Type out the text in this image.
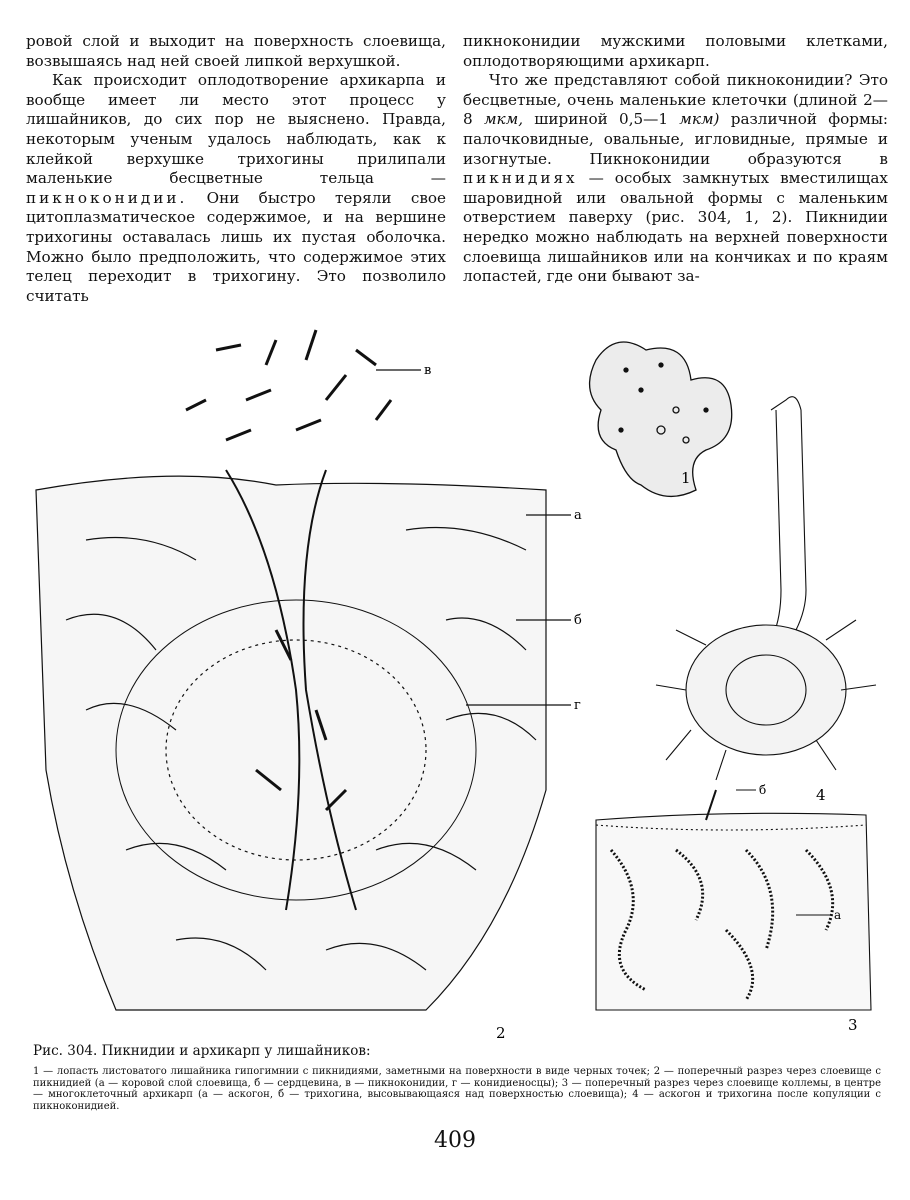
ровой слой и выходит на поверхность слоевища, возвышаясь над ней своей липкой верхушкой.

Как происходит оплодотворение архикарпа и вообще имеет ли место этот процесс у лишайников, до сих пор не выяснено. Правда, некоторым ученым удалось наблюдать, как к клейкой верхушке трихогины прилипали маленькие бесцветные тельца — пикноконидии. Они быстро теряли свое цитоплазматическое содержимое, и на вершине трихогины оставалась лишь их пустая оболочка. Можно было предположить, что содержимое этих телец переходит в трихогину. Это позволило считать

пикноконидии мужскими половыми клетками, оплодотворяющими архикарп.

Что же представляют собой пикноконидии? Это бесцветные, очень маленькие клеточки (длиной 2—8 мкм, шириной 0,5—1 мкм) различной формы: палочковидные, овальные, игловидные, прямые и изогнутые. Пикноконидии образуются в пикнидиях — особых замкнутых вместилищах шаровидной или овальной формы с маленьким отверстием паверху (рис. 304, 1, 2). Пикнидии нередко можно наблюдать на верхней поверхности слоевища лишайников или на кончиках и по краям лопастей, где они бывают за-

в
а
б
г
2
1
4
б
а
3
Рис. 304. Пикнидии и архикарп у лишайников:
1 — лопасть листоватого лишайника гипогимнии с пикнидиями, заметными на поверхности в виде черных точек; 2 — поперечный разрез через слоевище с пикнидией (а — коровой слой слоевища, б — сердцевина, в — пикноконидии, г — конидиеносцы); 3 — поперечный разрез через слоевище коллемы, в центре — многоклеточный архикарп (а — аскогон, б — трихогина, высовывающаяся над поверхностью слоевища); 4 — аскогон и трихогина после копуляции с пикноконидией.
409
